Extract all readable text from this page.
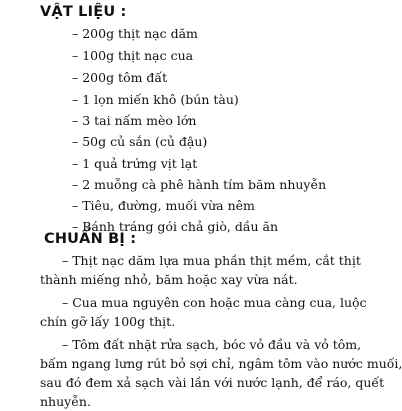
VẬT LIỆU :
– 200g thịt nạc dăm
– 100g thịt nạc cua
– 200g tôm đất
– 1 lọn miến khô (bún tàu)
– 3 tai nấm mèo lớn
– 50g củ sắn (củ đậu)
– 1 quả trứng vịt lạt
– 2 muỗng cà phê hành tím băm nhuyễn
– Tiêu, đường, muối vừa nêm
– Bánh tráng gói chả giò, dầu ăn
CHUẨN BỊ :
– Thịt nạc dăm lựa mua phần thịt mềm, cắt thịt
thành miếng nhỏ, băm hoặc xay vừa nát.
– Cua mua nguyên con hoặc mua càng cua, luộc
chín gỡ lấy 100g thịt.
– Tôm đất nhặt rửa sạch, bóc vỏ đầu và vỏ tôm,
bấm ngang lưng rút bỏ sợi chỉ, ngâm tôm vào nước muối,
sau đó đem xả sạch vài lần với nước lạnh, để ráo, quết
nhuyễn.
